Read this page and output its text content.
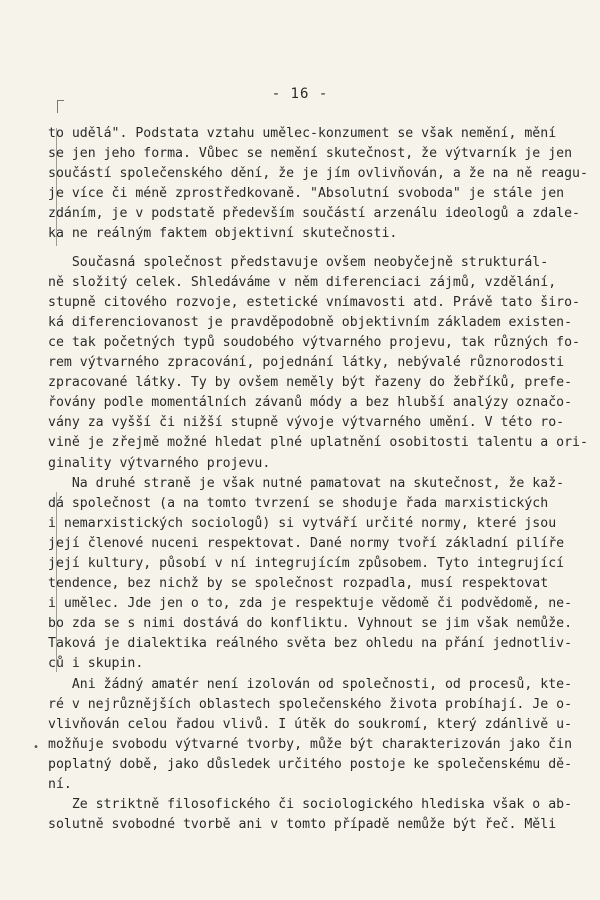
- 16 -
•
to udělá". Podstata vztahu umělec-konzument se však nemění, mění
se jen jeho forma. Vůbec se nemění skutečnost, že výtvarník je jen
součástí společenského dění, že je jím ovlivňován, a že na ně reagu-
je více či méně zprostředkovaně. "Absolutní svoboda" je stále jen
zdáním, je v podstatě především součástí arzenálu ideologů a zdale-
ka ne reálným faktem objektivní skutečnosti.
Současná společnost představuje ovšem neobyčejně strukturál-
ně složitý celek. Shledáváme v něm diferenciaci zájmů, vzdělání,
stupně citového rozvoje, estetické vnímavosti atd. Právě tato širo-
ká diferenciovanost je pravděpodobně objektivním základem existen-
ce tak početných typů soudobého výtvarného projevu, tak různých fo-
rem výtvarného zpracování, pojednání látky, nebývalé různorodosti
zpracované látky. Ty by ovšem neměly být řazeny do žebříků, prefe-
řovány podle momentálních závanů módy a bez hlubší analýzy označo-
vány za vyšší či nižší stupně vývoje výtvarného umění. V této ro-
vině je zřejmě možné hledat plné uplatnění osobitosti talentu a ori-
ginality výtvarného projevu.
Na druhé straně je však nutné pamatovat na skutečnost, že kaž-
dá společnost (a na tomto tvrzení se shoduje řada marxistických
i nemarxistických sociologů) si vytváří určité normy, které jsou
její členové nuceni respektovat. Dané normy tvoří základní pilíře
její kultury, působí v ní integrujícím způsobem. Tyto integrující
tendence, bez nichž by se společnost rozpadla, musí respektovat
i umělec. Jde jen o to, zda je respektuje vědomě či podvědomě, ne-
bo zda se s nimi dostává do konfliktu. Vyhnout se jim však nemůže.
Taková je dialektika reálného světa bez ohledu na přání jednotliv-
ců i skupin.
Ani žádný amatér není izolován od společnosti, od procesů, kte-
ré v nejrůznějších oblastech společenského života probíhají. Je o-
vlivňován celou řadou vlivů. I útěk do soukromí, který zdánlivě u-
možňuje svobodu výtvarné tvorby, může být charakterizován jako čin
poplatný době, jako důsledek určitého postoje ke společenskému dě-
ní.
Ze striktně filosofického či sociologického hlediska však o ab-
solutně svobodné tvorbě ani v tomto případě nemůže být řeč. Měli
